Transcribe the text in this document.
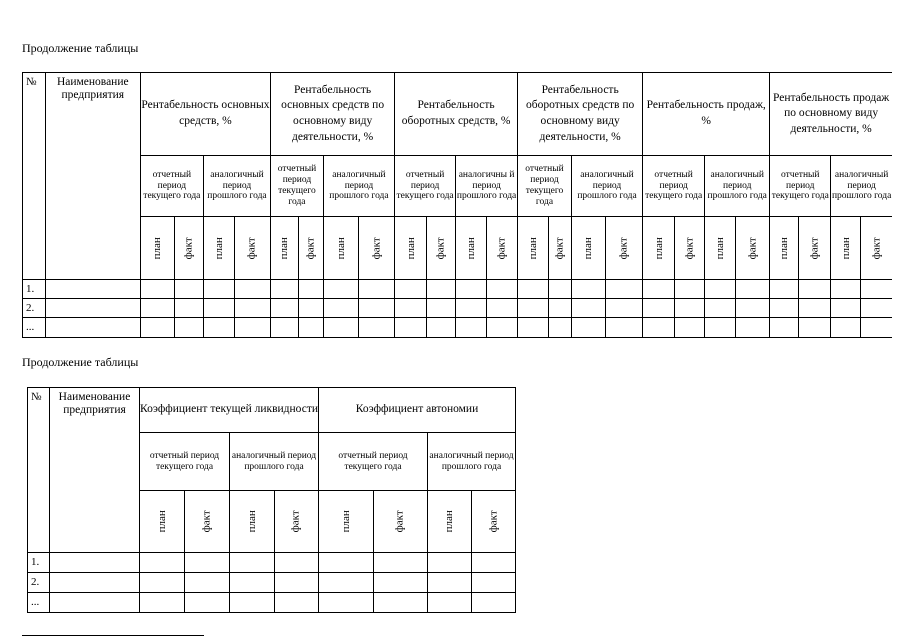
Продолжение таблицы
№	Наименование предприятия	Рентабельность основных средств, %				Рентабельность основных средств по основному виду деятельности, %				Рентабельность оборотных средств, %				Рентабельность оборотных средств по основному виду деятельности, %				Рентабельность продаж, %				Рентабельность продаж по основному виду деятельности, %			
		отчетный период текущего года		аналогичный период прошлого года		отчетный период текущего года		аналогичный период прошлого года		отчетный период текущего года		аналогичны й период прошлого года		отчетный период текущего года		аналогичный период прошлого года		отчетный период текущего года		аналогичный период прошлого года		отчетный период текущего года		аналогичный период прошлого года	
		план	факт	план	факт	план	факт	план	факт	план	факт	план	факт	план	факт	план	факт	план	факт	план	факт	план	факт	план	факт
1.																									
2.																									
...																									
Продолжение таблицы
№	Наименование предприятия	Коэффициент текущей ликвидности				Коэффициент автономии			
		отчетный период текущего года		аналогичный период прошлого года		отчетный период текущего года		аналогичный период прошлого года	
		план	факт	план	факт	план	факт	план	факт
1.									
2.									
...									
